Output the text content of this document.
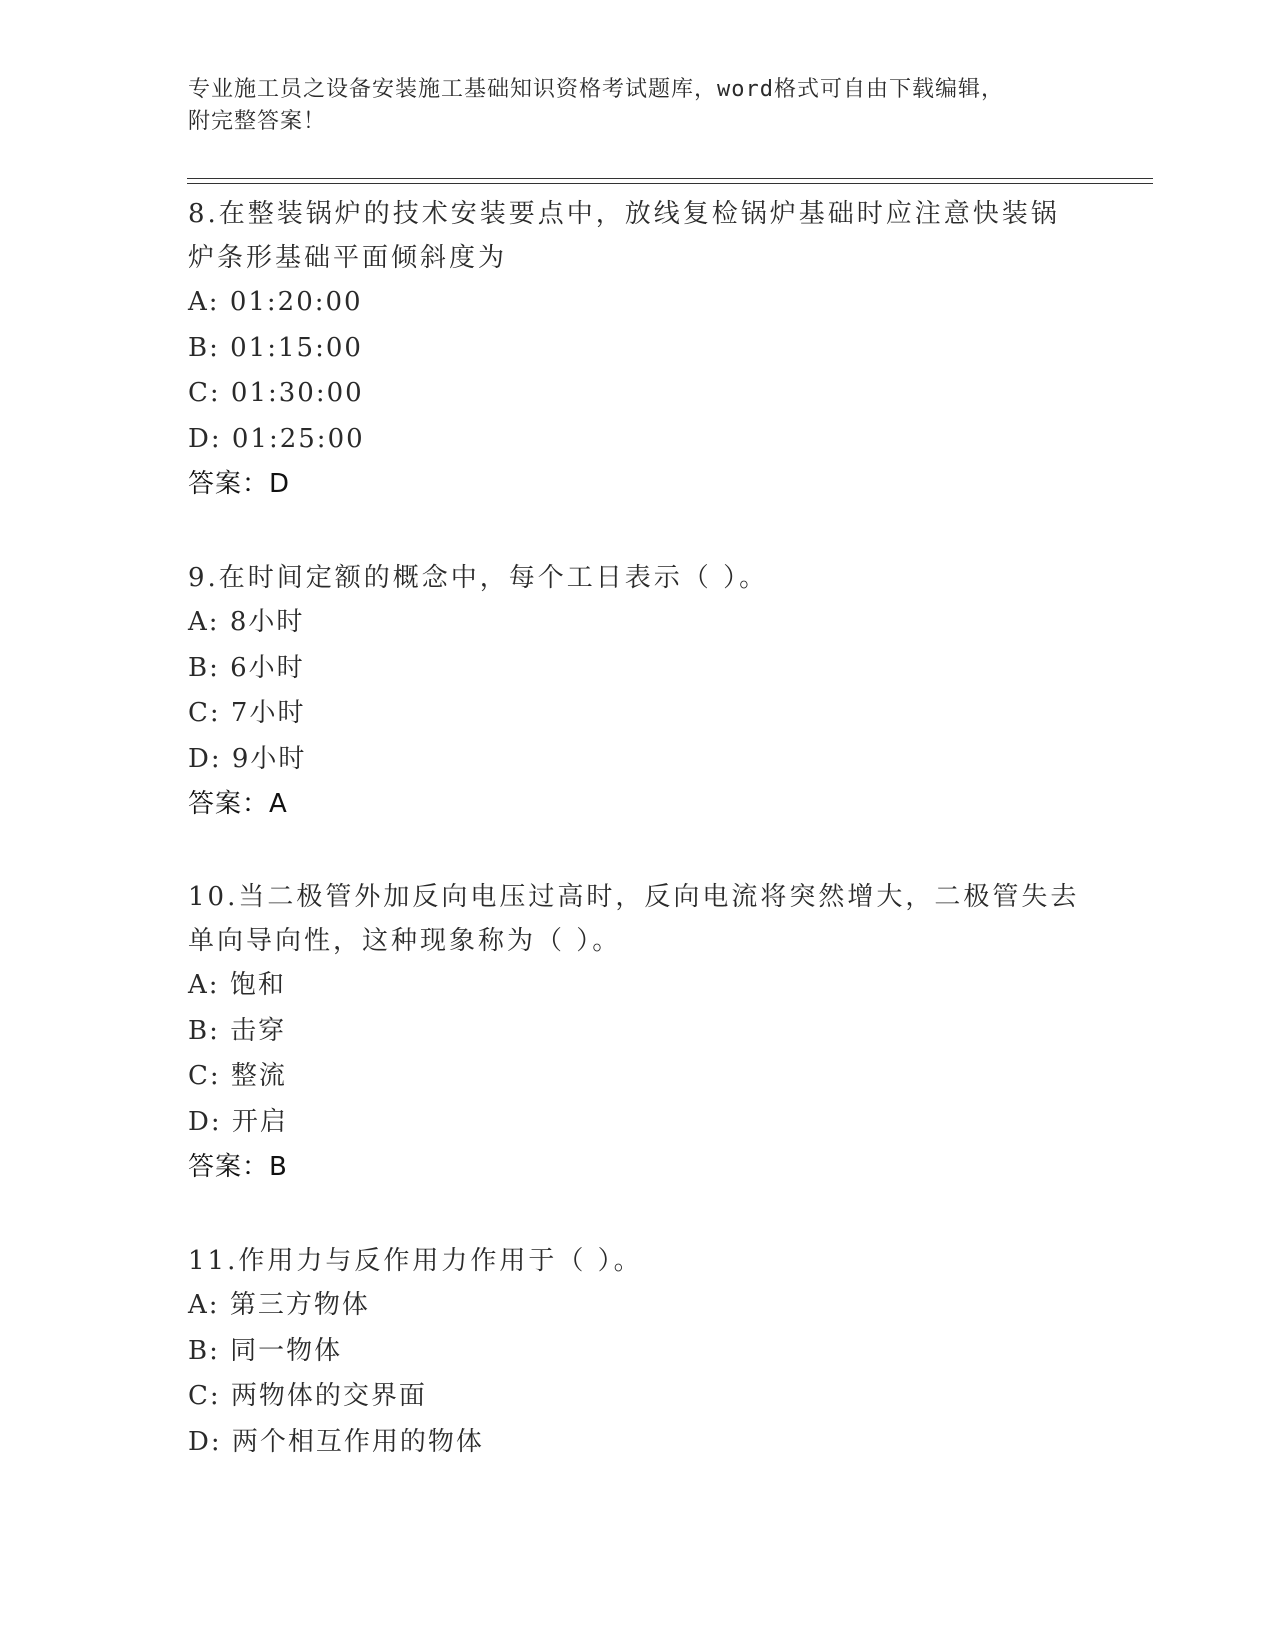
专业施工员之设备安装施工基础知识资格考试题库，word格式可自由下载编辑，
附完整答案！

8.在整装锅炉的技术安装要点中，放线复检锅炉基础时应注意快装锅
炉条形基础平面倾斜度为

A: 01:20:00

B: 01:15:00

C: 01:30:00

D: 01:25:00

答案：D

9.在时间定额的概念中，每个工日表示（ ）。

A: 8小时

B: 6小时

C: 7小时

D: 9小时

答案：A

10.当二极管外加反向电压过高时，反向电流将突然增大，二极管失去
单向导向性，这种现象称为（ ）。

A: 饱和

B: 击穿

C: 整流

D: 开启

答案：B

11.作用力与反作用力作用于（ ）。

A: 第三方物体

B: 同一物体

C: 两物体的交界面

D: 两个相互作用的物体
